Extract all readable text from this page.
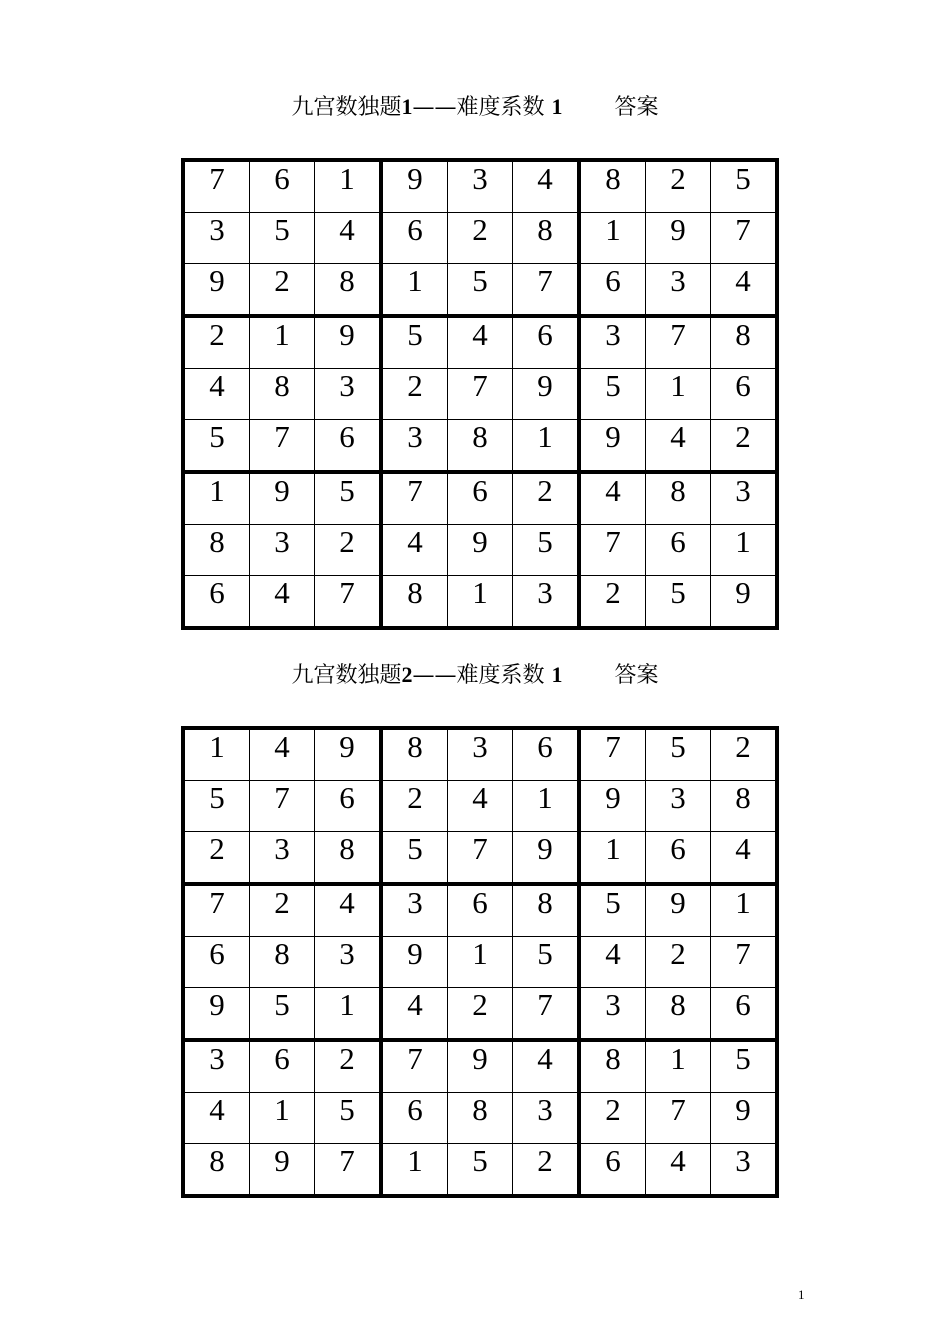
九宫数独题1——难度系数 1 答案
7	6	1	9	3	4	8	2	5
3	5	4	6	2	8	1	9	7
9	2	8	1	5	7	6	3	4
2	1	9	5	4	6	3	7	8
4	8	3	2	7	9	5	1	6
5	7	6	3	8	1	9	4	2
1	9	5	7	6	2	4	8	3
8	3	2	4	9	5	7	6	1
6	4	7	8	1	3	2	5	9
九宫数独题2——难度系数 1 答案
1	4	9	8	3	6	7	5	2
5	7	6	2	4	1	9	3	8
2	3	8	5	7	9	1	6	4
7	2	4	3	6	8	5	9	1
6	8	3	9	1	5	4	2	7
9	5	1	4	2	7	3	8	6
3	6	2	7	9	4	8	1	5
4	1	5	6	8	3	2	7	9
8	9	7	1	5	2	6	4	3
1
